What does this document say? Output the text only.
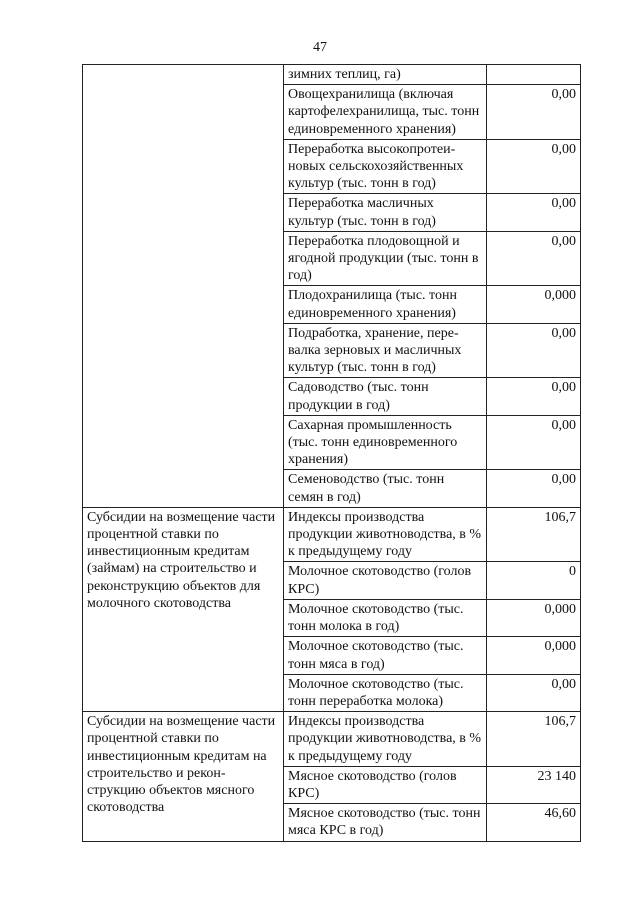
47
	зимних теплиц, га)	
	Овощехранилища (включая картофелехранилища, тыс. тонн единовременного хранения)	0,00
	Переработка высокопротеи-новых сельскохозяйственных культур (тыс. тонн в год)	0,00
	Переработка масличных культур (тыс. тонн в год)	0,00
	Переработка плодовощной и ягодной продукции (тыс. тонн в год)	0,00
	Плодохранилища (тыс. тонн единовременного хранения)	0,000
	Подработка, хранение, пере-валка зерновых и масличных культур (тыс. тонн в год)	0,00
	Садоводство (тыс. тонн продукции в год)	0,00
	Сахарная промышленность (тыс. тонн единовременного хранения)	0,00
	Семеноводство (тыс. тонн семян в год)	0,00
Субсидии на возмещение части процентной ставки по инвестиционным кредитам (займам) на строительство и реконструкцию объектов для молочного скотоводства	Индексы производства продукции животноводства, в % к предыдущему году	106,7
	Молочное скотоводство (голов КРС)	0
	Молочное скотоводство (тыс. тонн молока в год)	0,000
	Молочное скотоводство (тыс. тонн мяса в год)	0,000
	Молочное скотоводство (тыс. тонн переработка молока)	0,00
Субсидии на возмещение части процентной ставки по инвестиционным кредитам на строительство и рекон-струкцию объектов мясного скотоводства	Индексы производства продукции животноводства, в % к предыдущему году	106,7
	Мясное скотоводство (голов КРС)	23 140
	Мясное скотоводство (тыс. тонн мяса КРС в год)	46,60
